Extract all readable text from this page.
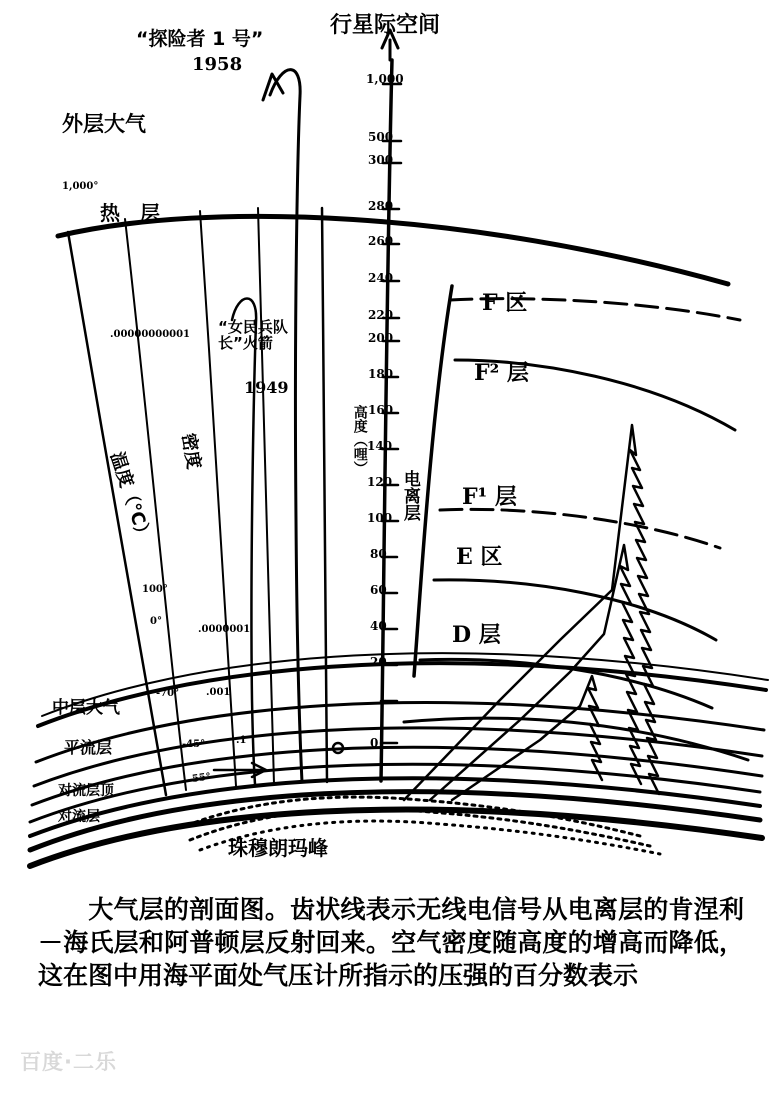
行星际空间
“探险者 1 号”
1958
外层大气
热　层
“女民兵队长”火箭
1949
温度（℃） 密度	高度（哩）
电离层
1,000°
100°
0°
-70°
-45°
-55°
.00000000001
.0000001
.001
.1
1,000
500
300
280
260
240
220
200
180
160
140
120
100
80
60
40
20
0
F 区
F² 层
F¹ 层
E 区
D 层
中层大气
平流层
对流层顶
对流层
珠穆朗玛峰
大气层的剖面图。齿状线表示无线电信号从电离层的肯涅利－海氏层和阿普顿层反射回来。空气密度随高度的增高而降低，这在图中用海平面处气压计所指示的压强的百分数表示
百度·二乐
